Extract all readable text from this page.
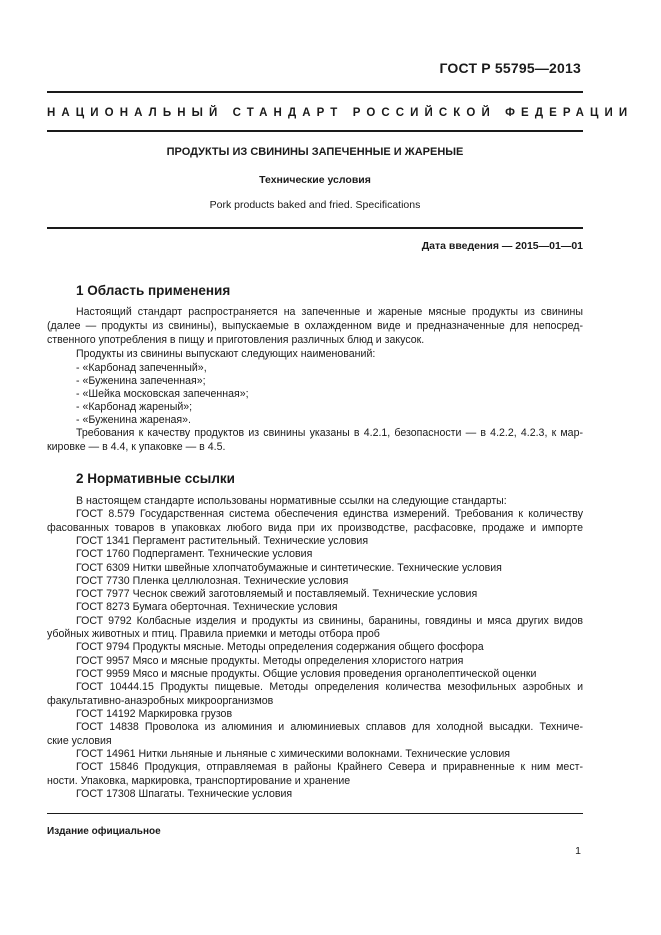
ГОСТ Р 55795—2013
НАЦИОНАЛЬНЫЙ СТАНДАРТ РОССИЙСКОЙ ФЕДЕРАЦИИ
ПРОДУКТЫ ИЗ СВИНИНЫ ЗАПЕЧЕННЫЕ И ЖАРЕНЫЕ
Технические условия
Pork products baked and fried. Specifications
Дата введения — 2015—01—01
1 Область применения
Настоящий стандарт распространяется на запеченные и жареные мясные продукты из свинины
(далее — продукты из свинины), выпускаемые в охлажденном виде и предназначенные для непосред-
ственного употребления в пищу и приготовления различных блюд и закусок.
Продукты из свинины выпускают следующих наименований:
- «Карбонад запеченный»,
- «Буженина запеченная»;
- «Шейка московская запеченная»;
- «Карбонад жареный»;
- «Буженина жареная».
Требования к качеству продуктов из свинины указаны в 4.2.1, безопасности — в 4.2.2, 4.2.3, к мар-
кировке — в 4.4, к упаковке — в 4.5.
2 Нормативные ссылки
В настоящем стандарте использованы нормативные ссылки на следующие стандарты:
ГОСТ 8.579 Государственная система обеспечения единства измерений. Требования к количеству
фасованных товаров в упаковках любого вида при их производстве, расфасовке, продаже и импорте
ГОСТ 1341 Пергамент растительный. Технические условия
ГОСТ 1760 Подпергамент. Технические условия
ГОСТ 6309 Нитки швейные хлопчатобумажные и синтетические. Технические условия
ГОСТ 7730 Пленка целлюлозная. Технические условия
ГОСТ 7977 Чеснок свежий заготовляемый и поставляемый. Технические условия
ГОСТ 8273 Бумага оберточная. Технические условия
ГОСТ 9792 Колбасные изделия и продукты из свинины, баранины, говядины и мяса других видов
убойных животных и птиц. Правила приемки и методы отбора проб
ГОСТ 9794 Продукты мясные. Методы определения содержания общего фосфора
ГОСТ 9957 Мясо и мясные продукты. Методы определения хлористого натрия
ГОСТ 9959 Мясо и мясные продукты. Общие условия проведения органолептической оценки
ГОСТ 10444.15 Продукты пищевые. Методы определения количества мезофильных аэробных и
факультативно-анаэробных микроорганизмов
ГОСТ 14192 Маркировка грузов
ГОСТ 14838 Проволока из алюминия и алюминиевых сплавов для холодной высадки. Техниче-
ские условия
ГОСТ 14961 Нитки льняные и льняные с химическими волокнами. Технические условия
ГОСТ 15846 Продукция, отправляемая в районы Крайнего Севера и приравненные к ним мест-
ности. Упаковка, маркировка, транспортирование и хранение
ГОСТ 17308 Шпагаты. Технические условия
Издание официальное
1
